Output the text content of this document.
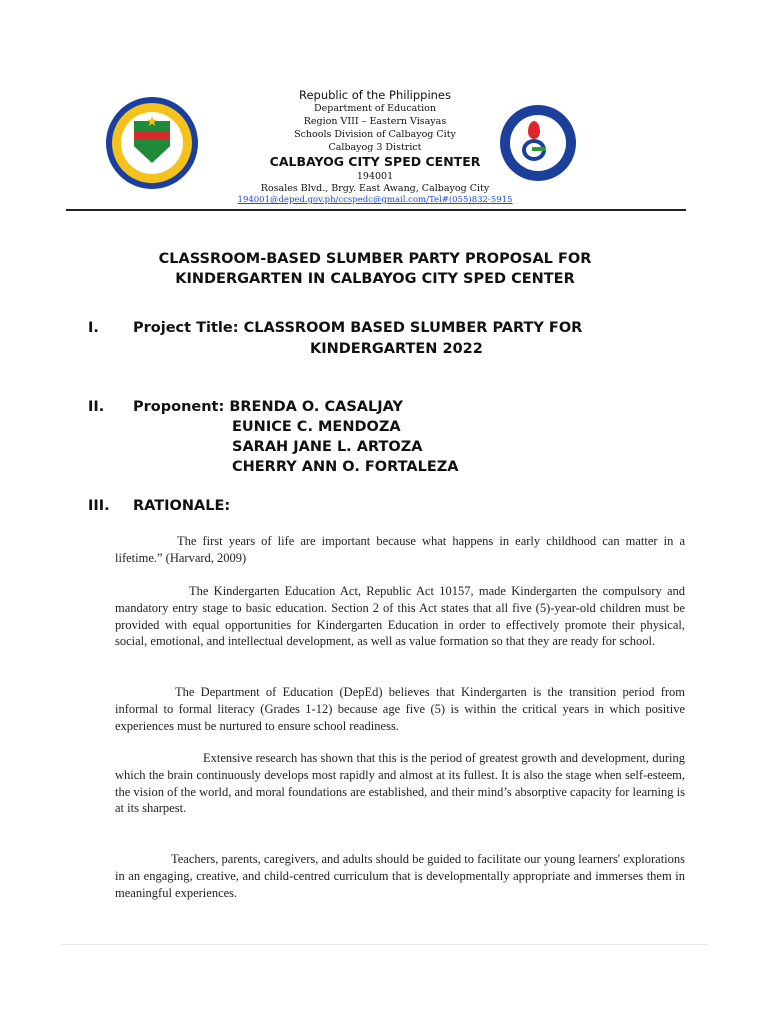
★
Republic of the Philippines
Department of Education
Region VIII – Eastern Visayas
Schools Division of Calbayog City
Calbayog 3 District
CALBAYOG CITY SPED CENTER
194001
Rosales Blvd., Brgy. East Awang, Calbayog City
194001@deped.gov.ph/ccspedc@gmail.com/Tel#(055)832-5915
CLASSROOM-BASED SLUMBER PARTY PROPOSAL FOR
KINDERGARTEN IN CALBAYOG CITY SPED CENTER
I. Project Title: CLASSROOM BASED SLUMBER PARTY FOR
KINDERGARTEN 2022
II. Proponent: BRENDA O. CASALJAY
EUNICE C. MENDOZA
SARAH JANE L. ARTOZA
CHERRY ANN O. FORTALEZA
III. RATIONALE:

The first years of life are important because what happens in early childhood can matter in a lifetime.” (Harvard, 2009)

The Kindergarten Education Act, Republic Act 10157, made Kindergarten the compulsory and mandatory entry stage to basic education. Section 2 of this Act states that all five (5)-year-old children must be provided with equal opportunities for Kindergarten Education in order to effectively promote their physical, social, emotional, and intellectual development, as well as value formation so that they are ready for school.

The Department of Education (DepEd) believes that Kindergarten is the transition period from informal to formal literacy (Grades 1-12) because age five (5) is within the critical years in which positive experiences must be nurtured to ensure school readiness.

Extensive research has shown that this is the period of greatest growth and development, during which the brain continuously develops most rapidly and almost at its fullest. It is also the stage when self-esteem, the vision of the world, and moral foundations are established, and their mind’s absorptive capacity for learning is at its sharpest.

Teachers, parents, caregivers, and adults should be guided to facilitate our young learners' explorations in an engaging, creative, and child-centred curriculum that is developmentally appropriate and immerses them in meaningful experiences.
